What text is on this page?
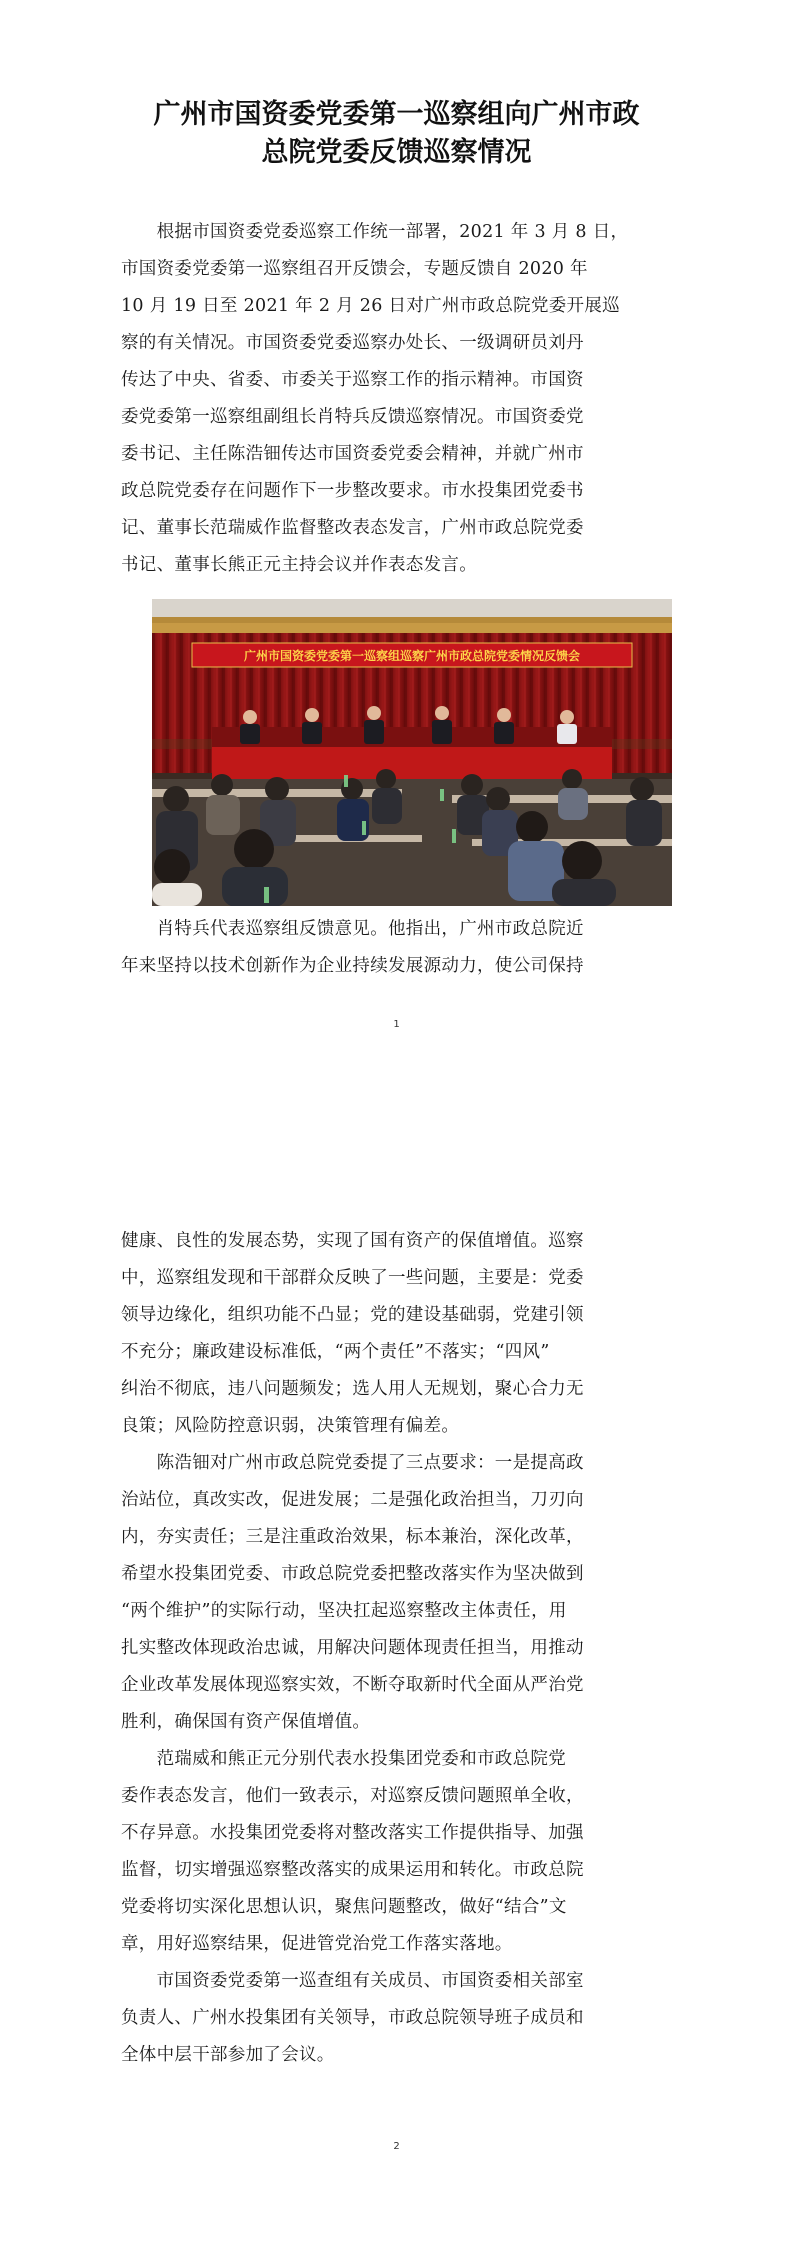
广州市国资委党委第一巡察组向广州市政
总院党委反馈巡察情况
　　根据市国资委党委巡察工作统一部署，2021 年 3 月 8 日，
市国资委党委第一巡察组召开反馈会，专题反馈自 2020 年
10 月 19 日至 2021 年 2 月 26 日对广州市政总院党委开展巡
察的有关情况。市国资委党委巡察办处长、一级调研员刘丹
传达了中央、省委、市委关于巡察工作的指示精神。市国资
委党委第一巡察组副组长肖特兵反馈巡察情况。市国资委党
委书记、主任陈浩钿传达市国资委党委会精神，并就广州市
政总院党委存在问题作下一步整改要求。市水投集团党委书
记、董事长范瑞威作监督整改表态发言，广州市政总院党委
书记、董事长熊正元主持会议并作表态发言。
广州市国资委党委第一巡察组巡察广州市政总院党委情况反馈会
　　肖特兵代表巡察组反馈意见。他指出，广州市政总院近
年来坚持以技术创新作为企业持续发展源动力，使公司保持
1
健康、良性的发展态势，实现了国有资产的保值增值。巡察
中，巡察组发现和干部群众反映了一些问题，主要是：党委
领导边缘化，组织功能不凸显；党的建设基础弱，党建引领
不充分；廉政建设标准低，“两个责任”不落实；“四风”
纠治不彻底，违八问题频发；选人用人无规划，聚心合力无
良策；风险防控意识弱，决策管理有偏差。
　　陈浩钿对广州市政总院党委提了三点要求：一是提高政
治站位，真改实改，促进发展；二是强化政治担当，刀刃向
内，夯实责任；三是注重政治效果，标本兼治，深化改革，
希望水投集团党委、市政总院党委把整改落实作为坚决做到
“两个维护”的实际行动，坚决扛起巡察整改主体责任，用
扎实整改体现政治忠诚，用解决问题体现责任担当，用推动
企业改革发展体现巡察实效，不断夺取新时代全面从严治党
胜利，确保国有资产保值增值。
　　范瑞威和熊正元分别代表水投集团党委和市政总院党
委作表态发言，他们一致表示，对巡察反馈问题照单全收，
不存异意。水投集团党委将对整改落实工作提供指导、加强
监督，切实增强巡察整改落实的成果运用和转化。市政总院
党委将切实深化思想认识，聚焦问题整改，做好“结合”文
章，用好巡察结果，促进管党治党工作落实落地。
　　市国资委党委第一巡查组有关成员、市国资委相关部室
负责人、广州水投集团有关领导，市政总院领导班子成员和
全体中层干部参加了会议。
2
